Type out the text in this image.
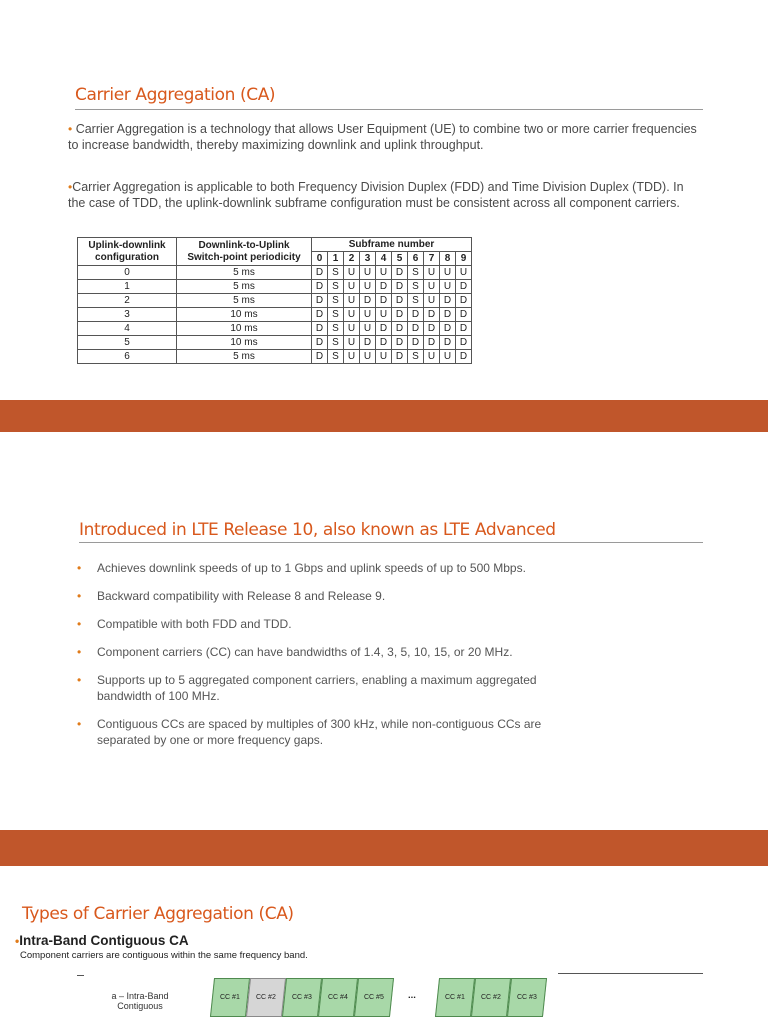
Carrier Aggregation (CA)
• Carrier Aggregation is a technology that allows User Equipment (UE) to combine two or more carrier frequencies to increase bandwidth, thereby maximizing downlink and uplink throughput.
•Carrier Aggregation is applicable to both Frequency Division Duplex (FDD) and Time Division Duplex (TDD). In the case of TDD, the uplink-downlink subframe configuration must be consistent across all component carriers.
Uplink-downlink configuration	Downlink-to-Uplink Switch-point periodicity	Subframe number									
		0	1	2	3	4	5	6	7	8	9
0	5 ms	D	S	U	U	U	D	S	U	U	U
1	5 ms	D	S	U	U	D	D	S	U	U	D
2	5 ms	D	S	U	D	D	D	S	U	D	D
3	10 ms	D	S	U	U	U	D	D	D	D	D
4	10 ms	D	S	U	U	D	D	D	D	D	D
5	10 ms	D	S	U	D	D	D	D	D	D	D
6	5 ms	D	S	U	U	U	D	S	U	U	D
Introduced in LTE Release 10, also known as LTE Advanced
• Achieves downlink speeds of up to 1 Gbps and uplink speeds of up to 500 Mbps.
• Backward compatibility with Release 8 and Release 9.
• Compatible with both FDD and TDD.
• Component carriers (CC) can have bandwidths of 1.4, 3, 5, 10, 15, or 20 MHz.
• Supports up to 5 aggregated component carriers, enabling a maximum aggregated bandwidth of 100 MHz.
• Contiguous CCs are spaced by multiples of 300 kHz, while non-contiguous CCs are separated by one or more frequency gaps.
Types of Carrier Aggregation (CA)
•Intra-Band Contiguous CA
Component carriers are contiguous within the same frequency band.
a – Intra-Band
Contiguous
CC #1	CC #2	CC #3	CC #4	CC #5	...	CC #1	CC #2	CC #3
